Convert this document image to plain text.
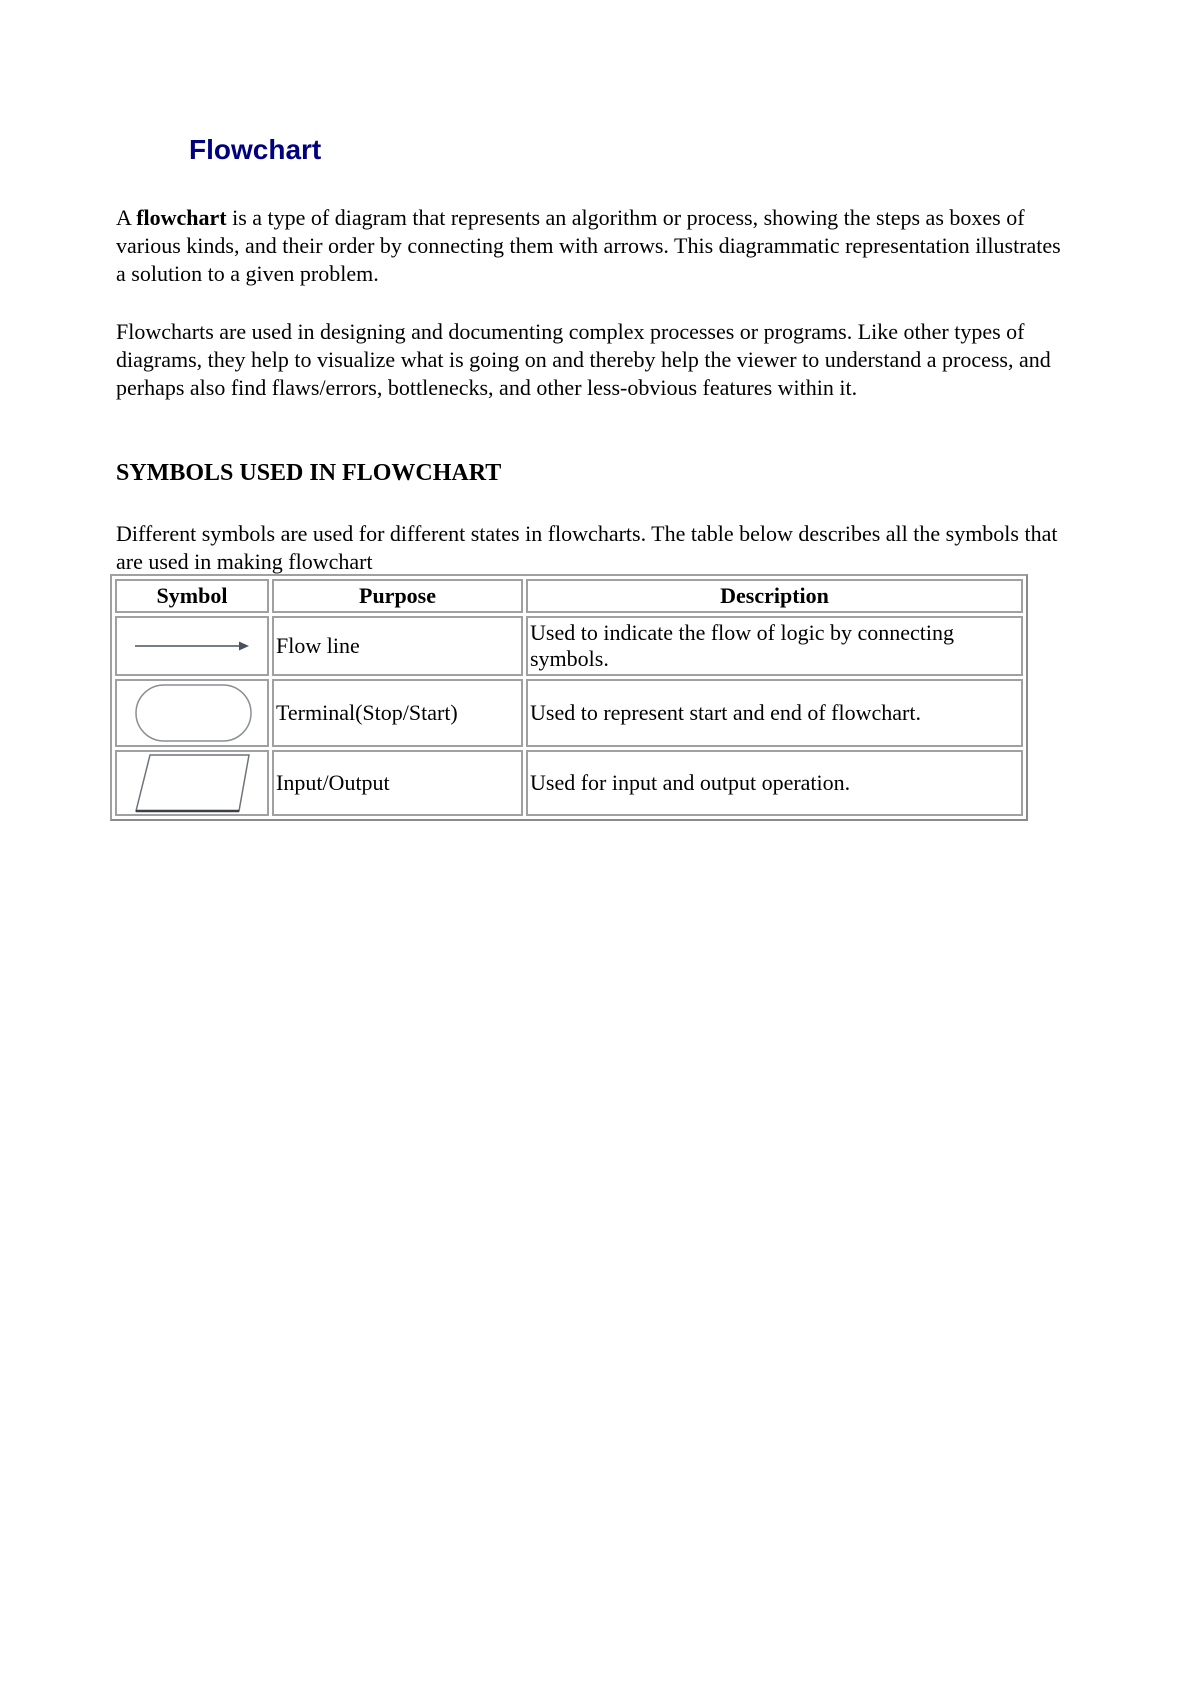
Flowchart

A flowchart is a type of diagram that represents an algorithm or process, showing the steps as boxes of various kinds, and their order by connecting them with arrows. This diagrammatic representation illustrates a solution to a given problem.

Flowcharts are used in designing and documenting complex processes or programs. Like other types of diagrams, they help to visualize what is going on and thereby help the viewer to understand a process, and perhaps also find flaws/errors, bottlenecks, and other less-obvious features within it.

SYMBOLS USED IN FLOWCHART

Different symbols are used for different states in flowcharts. The table below describes all the symbols that are used in making flowchart

Symbol	Purpose	Description

	Flow line	Used to indicate the flow of logic by connecting symbols.

	Terminal(Stop/Start)	Used to represent start and end of flowchart.

	Input/Output	Used for input and output operation.
